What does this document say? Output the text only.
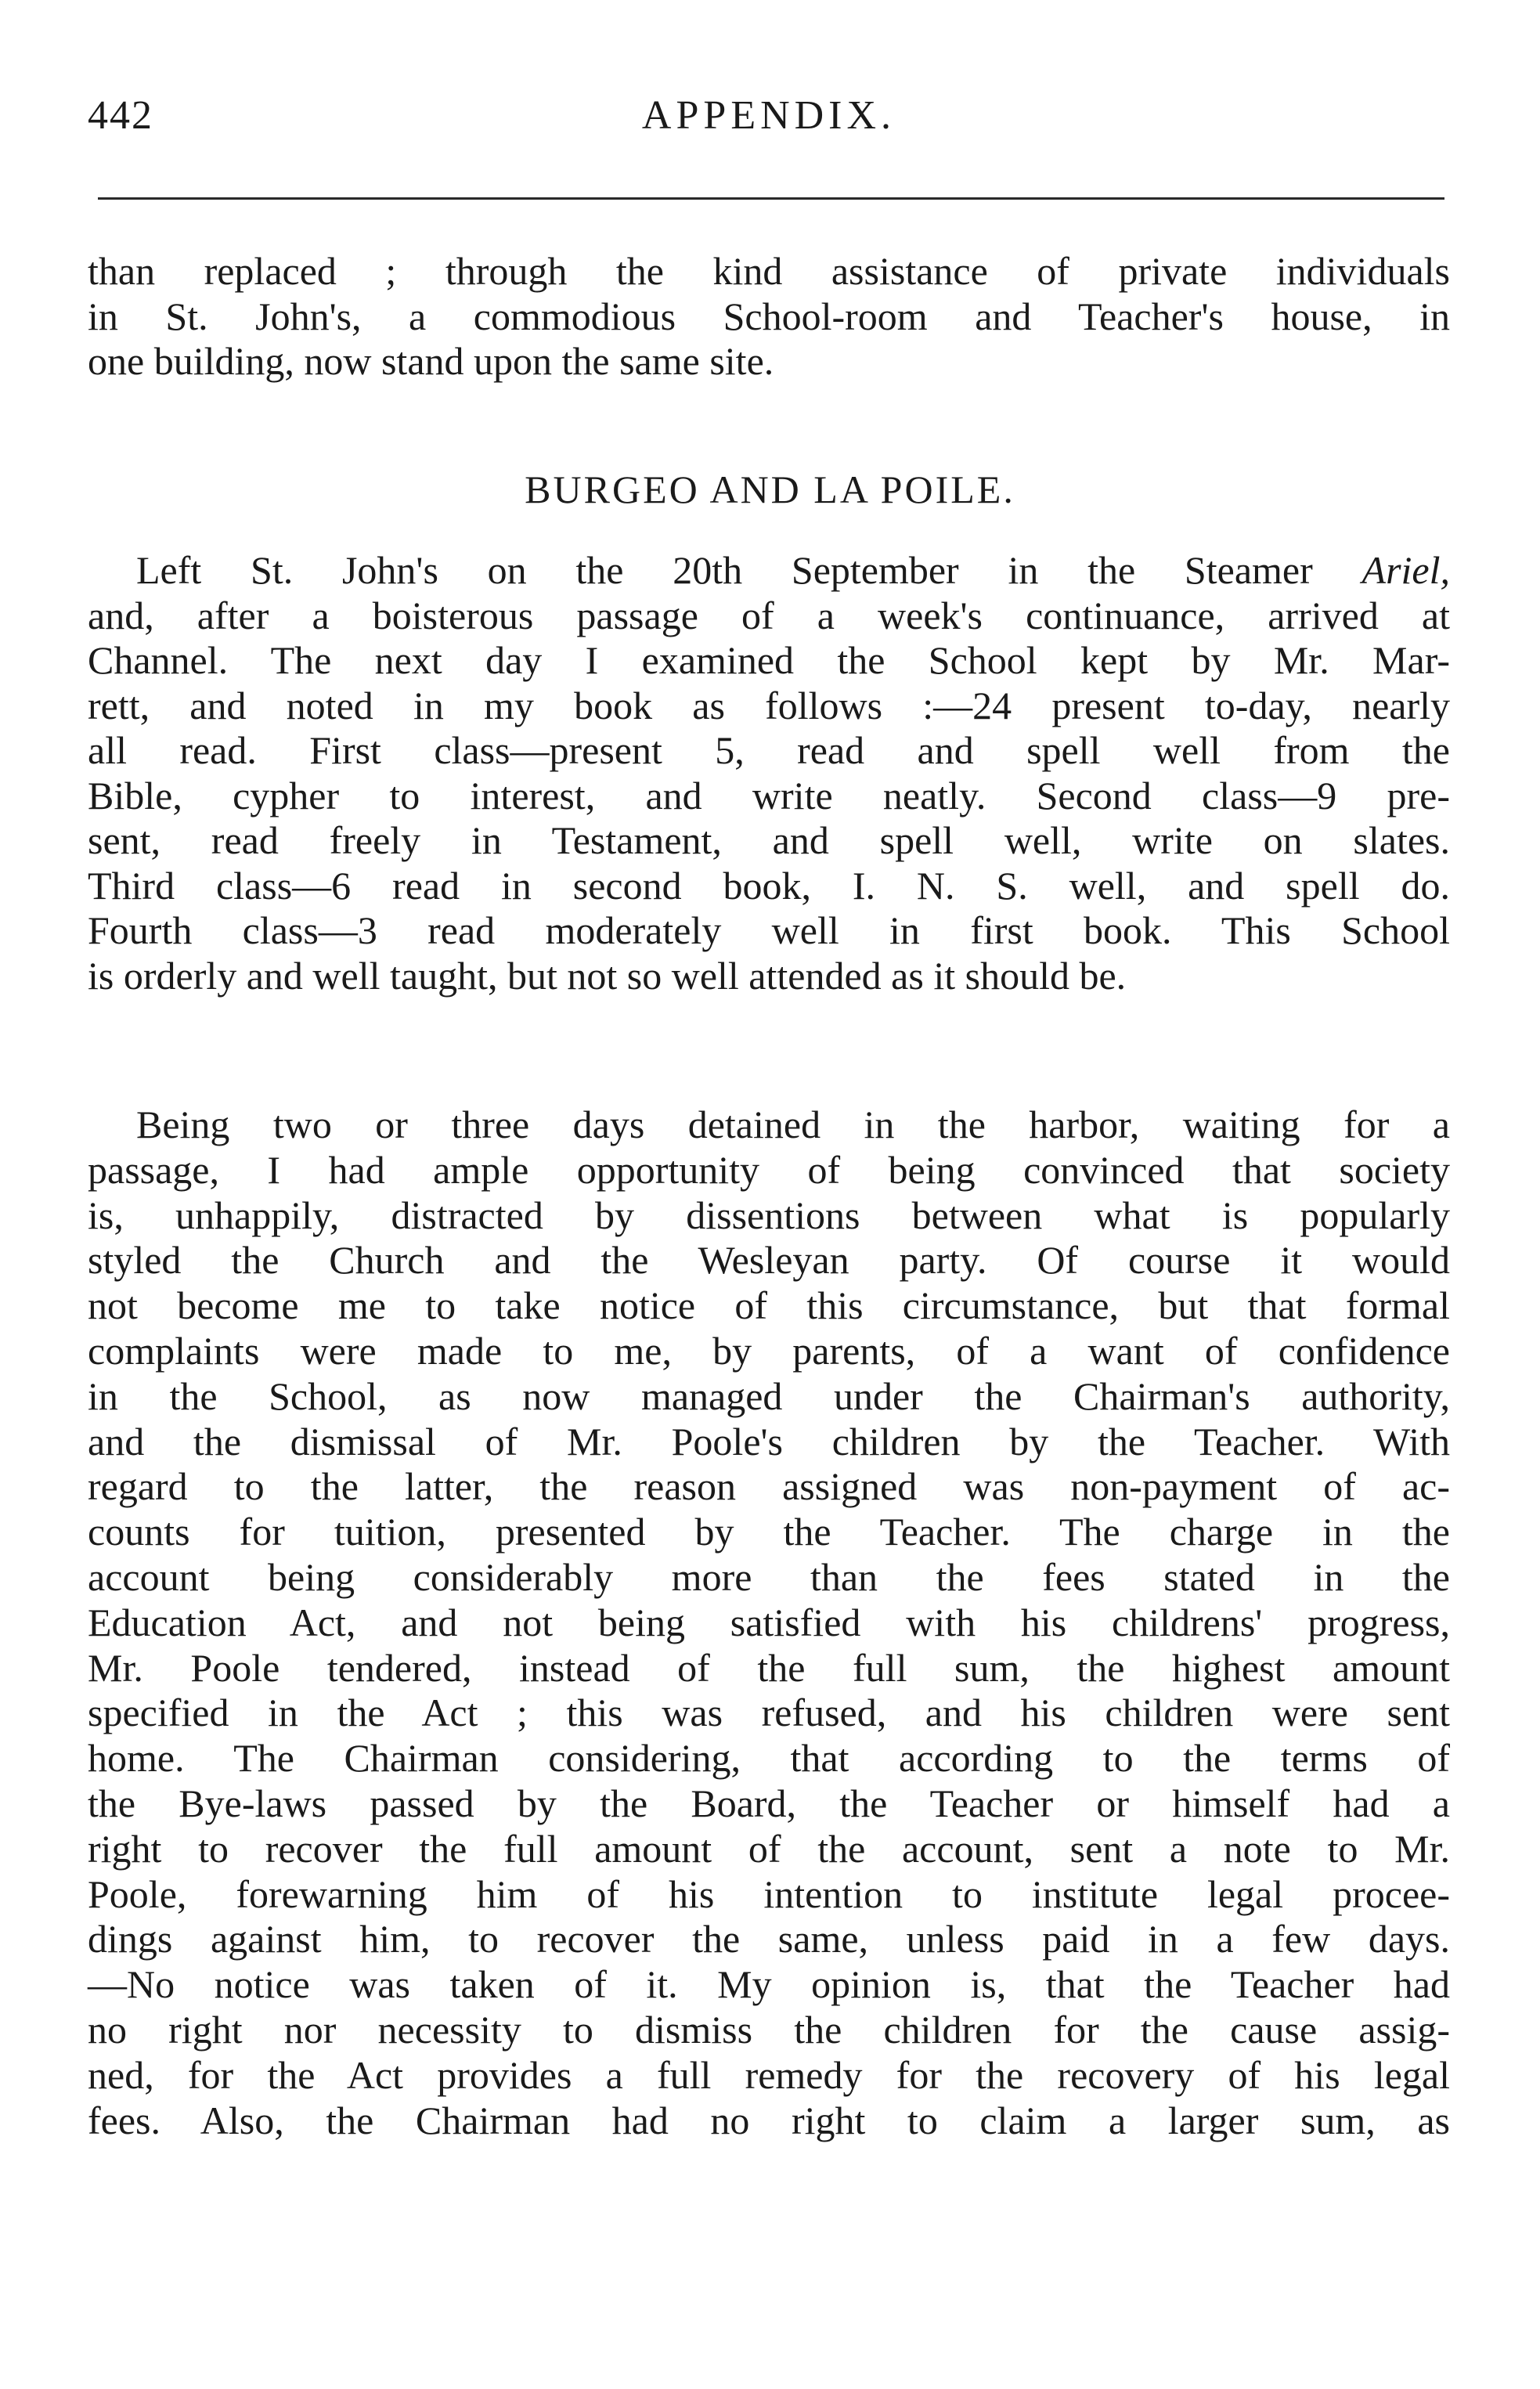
442	APPENDIX.
than replaced ; through the kind assistance of private individuals
in St. John's, a commodious School-room and Teacher's house, in
one building, now stand upon the same site.
BURGEO AND LA POILE.
Left St. John's on the 20th September in the Steamer Ariel,
and, after a boisterous passage of a week's continuance, arrived at
Channel. The next day I examined the School kept by Mr. Mar-
rett, and noted in my book as follows :—24 present to-day, nearly
all read. First class—present 5, read and spell well from the
Bible, cypher to interest, and write neatly. Second class—9 pre-
sent, read freely in Testament, and spell well, write on slates.
Third class—6 read in second book, I. N. S. well, and spell do.
Fourth class—3 read moderately well in first book. This School
is orderly and well taught, but not so well attended as it should be.
Being two or three days detained in the harbor, waiting for a
passage, I had ample opportunity of being convinced that society
is, unhappily, distracted by dissentions between what is popularly
styled the Church and the Wesleyan party. Of course it would
not become me to take notice of this circumstance, but that formal
complaints were made to me, by parents, of a want of confidence
in the School, as now managed under the Chairman's authority,
and the dismissal of Mr. Poole's children by the Teacher. With
regard to the latter, the reason assigned was non-payment of ac-
counts for tuition, presented by the Teacher. The charge in the
account being considerably more than the fees stated in the
Education Act, and not being satisfied with his childrens' progress,
Mr. Poole tendered, instead of the full sum, the highest amount
specified in the Act ; this was refused, and his children were sent
home. The Chairman considering, that according to the terms of
the Bye-laws passed by the Board, the Teacher or himself had a
right to recover the full amount of the account, sent a note to Mr.
Poole, forewarning him of his intention to institute legal procee-
dings against him, to recover the same, unless paid in a few days.
—No notice was taken of it. My opinion is, that the Teacher had
no right nor necessity to dismiss the children for the cause assig-
ned, for the Act provides a full remedy for the recovery of his legal
fees. Also, the Chairman had no right to claim a larger sum, as
